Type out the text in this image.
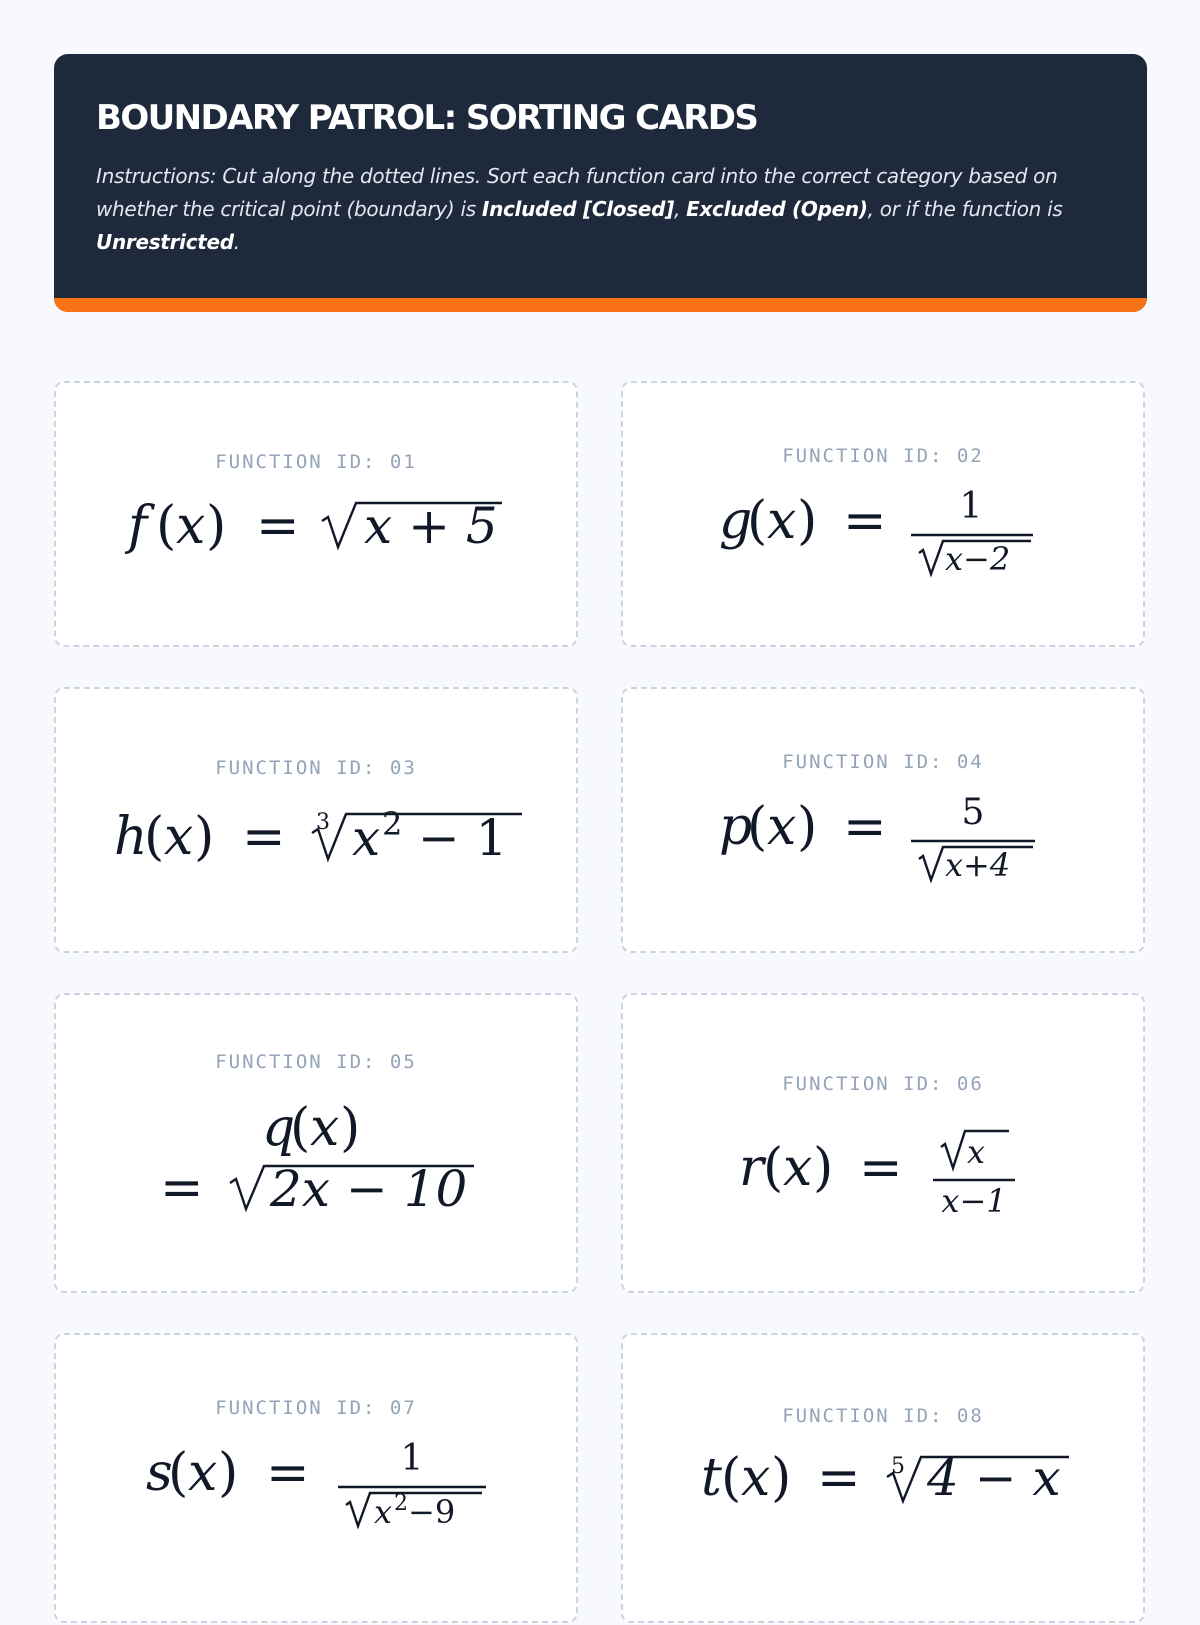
BOUNDARY PATROL: SORTING CARDS

Instructions: Cut along the dotted lines. Sort each function card into the correct category based on whether the critical point (boundary) is Included [Closed], Excluded (Open), or if the function is Unrestricted.

FUNCTION ID: 01
f ( x ) = x + 5
FUNCTION ID: 02
g
( x ) = 1
x−2
FUNCTION ID: 03
h
( x ) = 3 x 2 − 1
FUNCTION ID: 04
p
( x ) = 5
x+4
FUNCTION ID: 05
q
( x )
= 2x − 10
FUNCTION ID: 06
r ( x ) = x
x−1
FUNCTION ID: 07
s
( x ) =	1
x 2 −9
FUNCTION ID: 08
t ( x ) = 5 4 − x
